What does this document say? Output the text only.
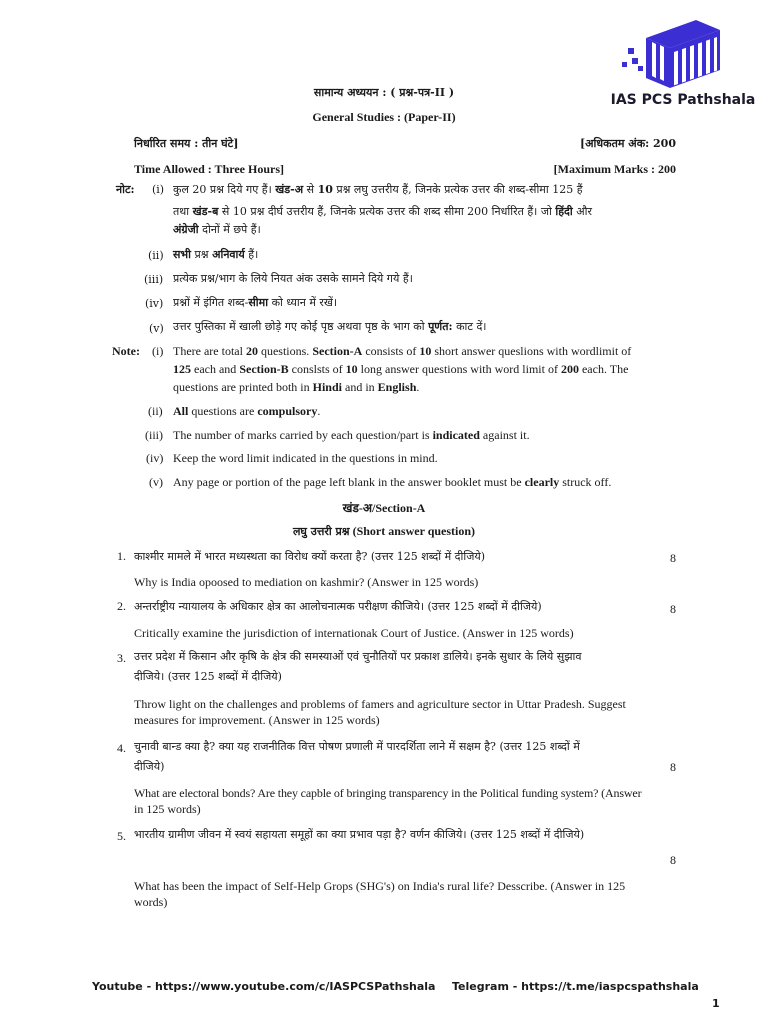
IAS PCS Pathshala
सामान्य अध्ययन : ( प्रश्न-पत्र-II )
General Studies : (Paper-II)
निर्धारित समय : तीन घंटे]	[अधिकतम अंक: 200
Time Allowed : Three Hours]	[Maximum Marks : 200
नोट: (i) कुल 20 प्रश्न दिये गए हैं। खंड-अ से 10 प्रश्न लघु उत्तरीय हैं, जिनके प्रत्येक उत्तर की शब्द-सीमा 125 हैं
तथा खंड-ब से 10 प्रश्न दीर्घ उत्तरीय हैं, जिनके प्रत्येक उत्तर की शब्द सीमा 200 निर्धारित हैं। जो हिंदी और
अंग्रेजी दोनों में छपे हैं।
(ii) सभी प्रश्न अनिवार्य हैं।
(iii) प्रत्येक प्रश्न/भाग के लिये नियत अंक उसके सामने दिये गये हैं।
(iv) प्रश्नों में इंगित शब्द-सीमा को ध्यान में रखें।
(v) उत्तर पुस्तिका में खाली छोड़े गए कोई पृष्ठ अथवा पृष्ठ के भाग को पूर्णत: काट दें।
Note: (i) There are total 20 questions. Section-A consists of 10 short answer queslions with wordlimit of
125 each and Section-B conslsts of 10 long answer questions with word limit of 200 each. The
questions are printed both in Hindi and in English.
(ii) All questions are compulsory.
(iii) The number of marks carried by each question/part is indicated against it.
(iv) Keep the word limit indicated in the questions in mind.
(v) Any page or portion of the page left blank in the answer booklet must be clearly struck off.
खंड-अ/Section-A
लघु उत्तरी प्रश्न (Short answer question)
1. काश्मीर मामले में भारत मध्यस्थता का विरोध क्यों करता है? (उत्तर 125 शब्दों में दीजिये)	8
Why is India opoosed to mediation on kashmir? (Answer in 125 words)
2. अन्तर्राष्ट्रीय न्यायालय के अधिकार क्षेत्र का आलोचनात्मक परीक्षण कीजिये। (उत्तर 125 शब्दों में दीजिये)	8
Critically examine the jurisdiction of internationak Court of Justice. (Answer in 125 words)
3. उत्तर प्रदेश में किसान और कृषि के क्षेत्र की समस्याओं एवं चुनौतियों पर प्रकाश डालिये। इनके सुधार के लिये सुझाव
दीजिये। (उत्तर 125 शब्दों में दीजिये)
Throw light on the challenges and problems of famers and agriculture sector in Uttar Pradesh. Suggest
measures for improvement. (Answer in 125 words)
4. चुनावी बान्ड क्या है? क्या यह राजनीतिक वित्त पोषण प्रणाली में पारदर्शिता लाने में सक्षम है? (उत्तर 125 शब्दों में
दीजिये)	8
What are electoral bonds? Are they capble of bringing transparency in the Political funding system? (Answer
in 125 words)
5. भारतीय ग्रामीण जीवन में स्वयं सहायता समूहों का क्या प्रभाव पड़ा है? वर्णन कीजिये। (उत्तर 125 शब्दों में दीजिये)
8
What has been the impact of Self-Help Grops (SHG's) on India's rural life? Desscribe. (Answer in 125
words)
Youtube - https://www.youtube.com/c/IASPCSPathshala Telegram - https://t.me/iaspcspathshala
1
